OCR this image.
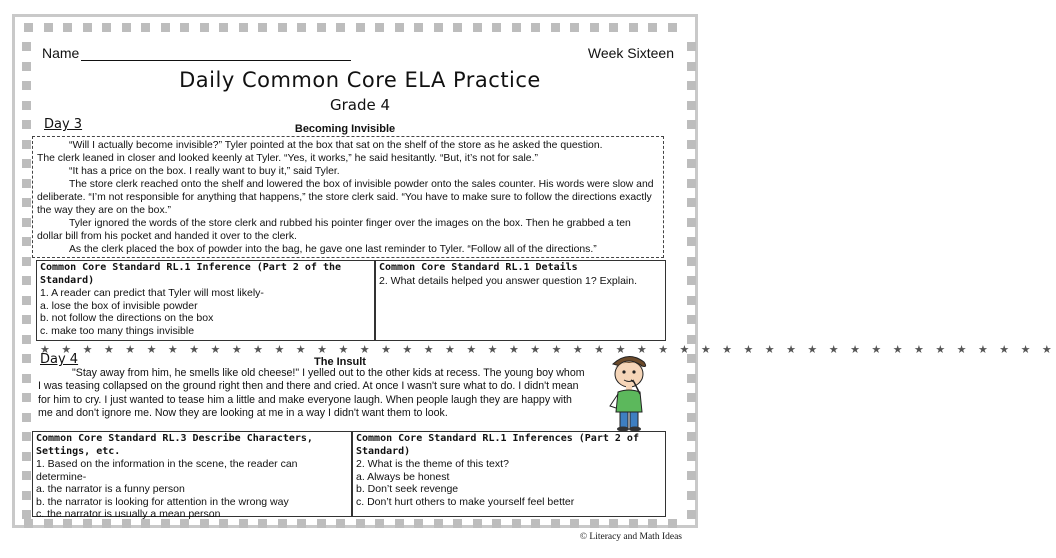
Name	Week Sixteen
Daily Common Core ELA Practice
Grade 4
Day 3	Becoming Invisible

“Will I actually become invisible?” Tyler pointed at the box that sat on the shelf of the store as he asked the question.

The clerk leaned in closer and looked keenly at Tyler. “Yes, it works,” he said hesitantly. “But, it’s not for sale.”

“It has a price on the box. I really want to buy it,” said Tyler.

The store clerk reached onto the shelf and lowered the box of invisible powder onto the sales counter. His words were slow and deliberate. “I’m not responsible for anything that happens,” the store clerk said. “You have to make sure to follow the directions exactly the way they are on the box.”

Tyler ignored the words of the store clerk and rubbed his pointer finger over the images on the box. Then he grabbed a ten dollar bill from his pocket and handed it over to the clerk.

As the clerk placed the box of powder into the bag, he gave one last reminder to Tyler. “Follow all of the directions.”

Common Core Standard RL.1 Inference (Part 2 of the Standard)

1. A reader can predict that Tyler will most likely-

a. lose the box of invisible powder

b. not follow the directions on the box

c. make too many things invisible

Common Core Standard RL.1 Details

2. What details helped you answer question 1? Explain.

★ ★ ★ ★ ★ ★ ★ ★ ★ ★ ★ ★ ★ ★ ★ ★ ★ ★ ★ ★ ★ ★ ★ ★ ★ ★ ★ ★ ★ ★ ★ ★ ★ ★ ★ ★ ★ ★ ★ ★ ★ ★ ★ ★ ★ ★ ★ ★
Day 4	The Insult

"Stay away from him, he smells like old cheese!" I yelled out to the other kids at recess. The young boy whom I was teasing collapsed on the ground right then and there and cried. At once I wasn't sure what to do. I didn't mean for him to cry. I just wanted to tease him a little and make everyone laugh. When people laugh they are happy with me and don't ignore me. Now they are looking at me in a way I didn't want them to look.

Common Core Standard RL.3 Describe Characters, Settings, etc.

1. Based on the information in the scene, the reader can determine-

a. the narrator is a funny person

b. the narrator is looking for attention in the wrong way

c. the narrator is usually a mean person

Common Core Standard RL.1 Inferences (Part 2 of Standard)

2. What is the theme of this text?

a. Always be honest

b. Don’t seek revenge

c. Don’t hurt others to make yourself feel better

© Literacy and Math Ideas
